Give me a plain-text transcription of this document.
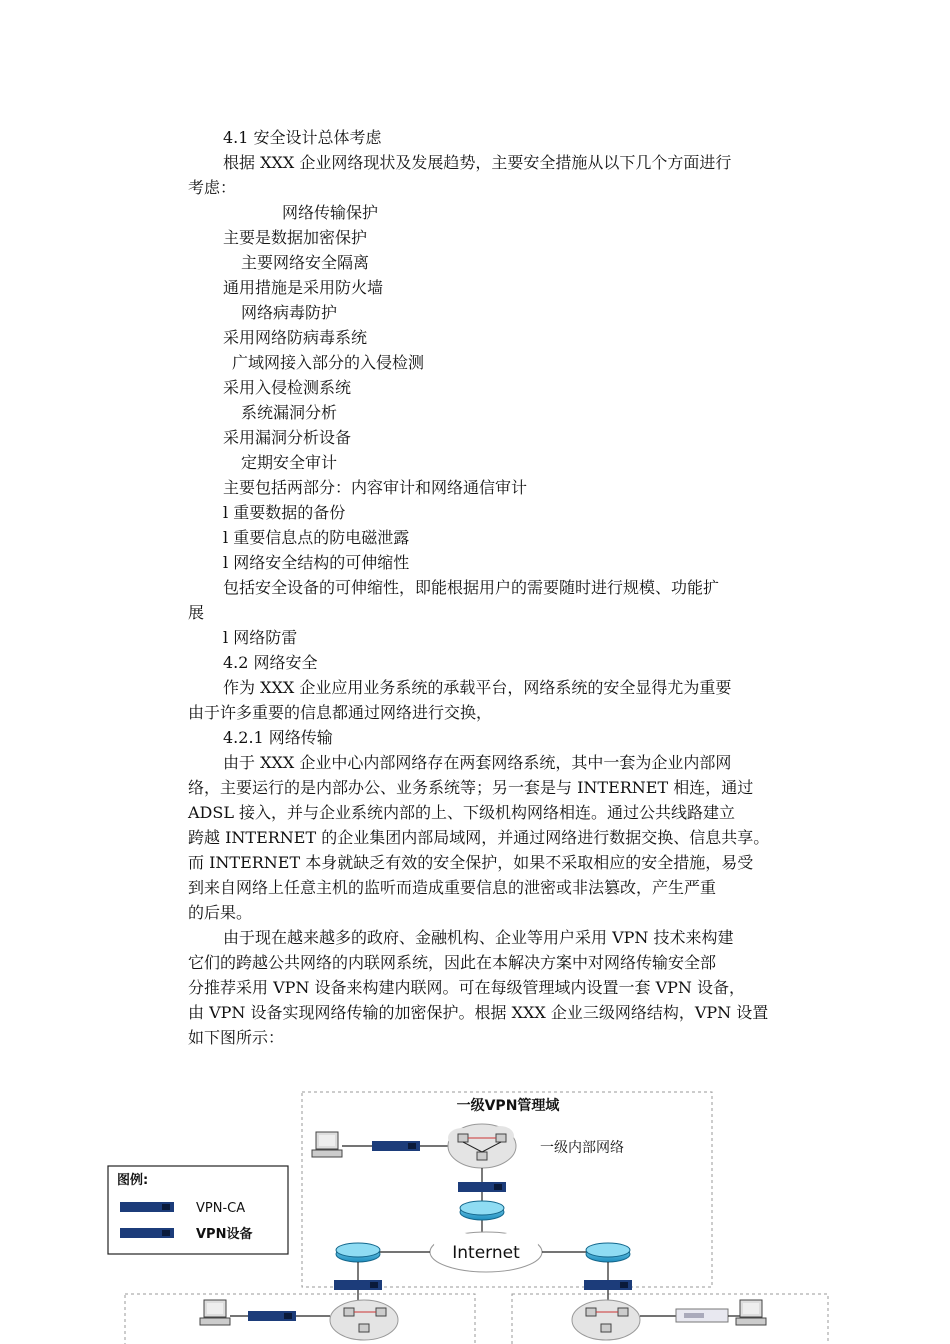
4.1 安全设计总体考虑
根据 XXX 企业网络现状及发展趋势，主要安全措施从以下几个方面进行
考虑：
网络传输保护
主要是数据加密保护
主要网络安全隔离
通用措施是采用防火墙
网络病毒防护
采用网络防病毒系统
广域网接入部分的入侵检测
采用入侵检测系统
系统漏洞分析
采用漏洞分析设备
定期安全审计
主要包括两部分：内容审计和网络通信审计
l 重要数据的备份
l 重要信息点的防电磁泄露
l 网络安全结构的可伸缩性
包括安全设备的可伸缩性，即能根据用户的需要随时进行规模、功能扩
展
l 网络防雷
4.2 网络安全
作为 XXX 企业应用业务系统的承载平台，网络系统的安全显得尤为重要
由于许多重要的信息都通过网络进行交换，
4.2.1 网络传输
由于 XXX 企业中心内部网络存在两套网络系统，其中一套为企业内部网
络，主要运行的是内部办公、业务系统等；另一套是与 INTERNET 相连，通过
ADSL 接入，并与企业系统内部的上、下级机构网络相连。通过公共线路建立
跨越 INTERNET 的企业集团内部局域网，并通过网络进行数据交换、信息共享。
而 INTERNET 本身就缺乏有效的安全保护，如果不采取相应的安全措施，易受
到来自网络上任意主机的监听而造成重要信息的泄密或非法篡改，产生严重
的后果。
由于现在越来越多的政府、金融机构、企业等用户采用 VPN 技术来构建
它们的跨越公共网络的内联网系统，因此在本解决方案中对网络传输安全部
分推荐采用 VPN 设备来构建内联网。可在每级管理域内设置一套 VPN 设备，
由 VPN 设备实现网络传输的加密保护。根据 XXX 企业三级网络结构，VPN 设置
如下图所示：
一级VPN管理域
图例:
VPN-CA
VPN设备
一级内部网络
Internet
